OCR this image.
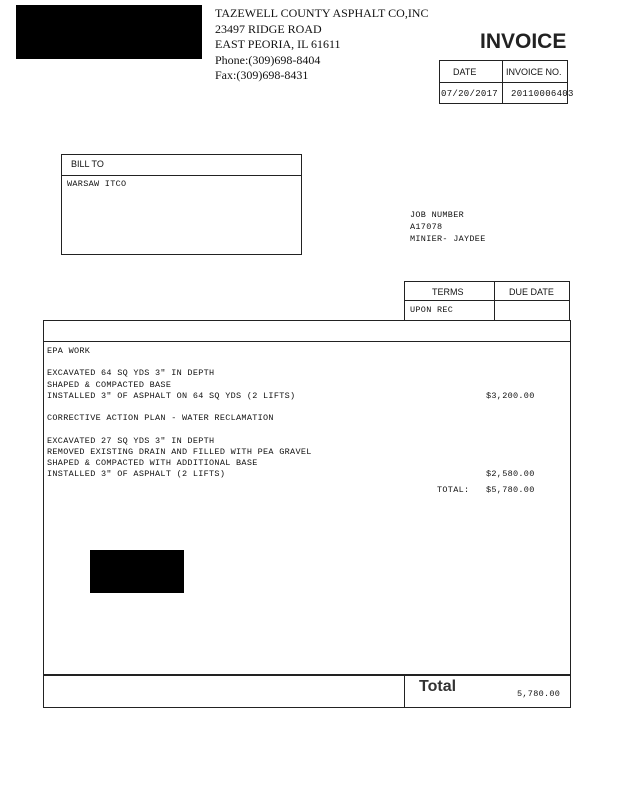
TAZEWELL COUNTY ASPHALT CO,INC
23497 RIDGE ROAD
EAST PEORIA, IL 61611
Phone:(309)698-8404
Fax:(309)698-8431
INVOICE
DATE	INVOICE NO.
07/20/2017 20110006403
BILL TO
WARSAW ITCO
JOB NUMBER
A17078
MINIER- JAYDEE
TERMS	DUE DATE
UPON REC
EPA WORK
EXCAVATED 64 SQ YDS 3" IN DEPTH
SHAPED & COMPACTED BASE
INSTALLED 3" OF ASPHALT ON 64 SQ YDS (2 LIFTS)	$3,200.00
CORRECTIVE ACTION PLAN - WATER RECLAMATION
EXCAVATED 27 SQ YDS 3" IN DEPTH
REMOVED EXISTING DRAIN AND FILLED WITH PEA GRAVEL
SHAPED & COMPACTED WITH ADDITIONAL BASE
INSTALLED 3" OF ASPHALT (2 LIFTS)	$2,580.00
TOTAL: $5,780.00
Total	5,780.00
